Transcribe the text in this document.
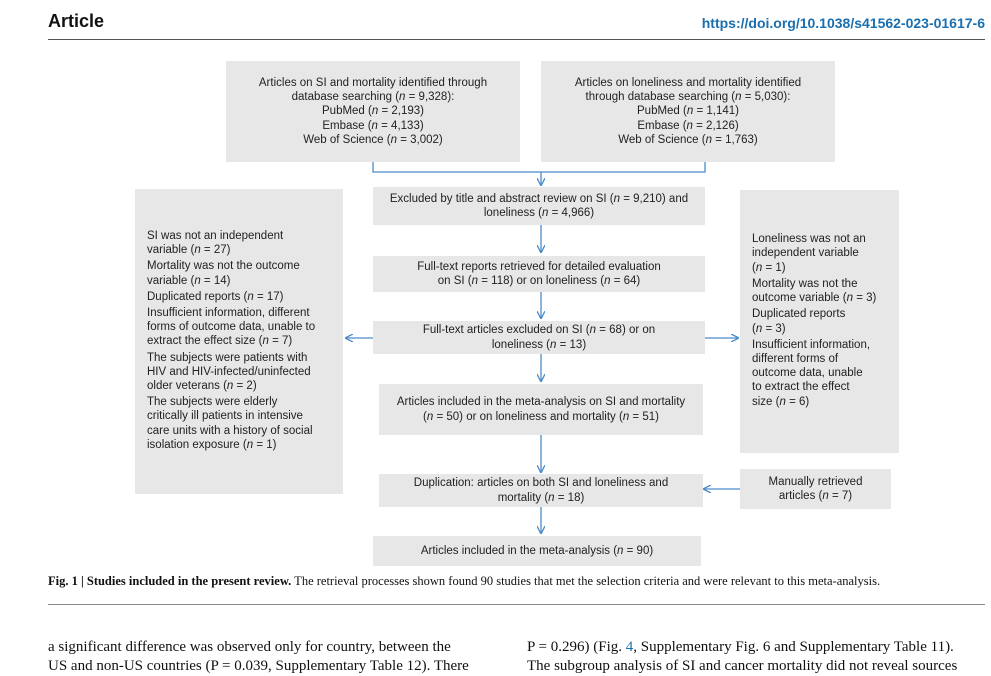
Article	https://doi.org/10.1038/s41562-023-01617-6
Articles on SI and mortality identified through
database searching (n = 9,328):
PubMed (n = 2,193)
Embase (n = 4,133)
Web of Science (n = 3,002)
Articles on loneliness and mortality identified
through database searching (n = 5,030):
PubMed (n = 1,141)
Embase (n = 2,126)
Web of Science (n = 1,763)
Excluded by title and abstract review on SI (n = 9,210) and
loneliness (n = 4,966)
Full-text reports retrieved for detailed evaluation
on SI (n = 118) or on loneliness (n = 64)
Full-text articles excluded on SI (n = 68) or on
loneliness (n = 13)
Articles included in the meta-analysis on SI and mortality
(n = 50) or on loneliness and mortality (n = 51)
Duplication: articles on both SI and loneliness and
mortality (n = 18)
Articles included in the meta-analysis (n = 90)
Manually retrieved
articles (n = 7)
SI was not an independent
variable (n = 27)
Mortality was not the outcome
variable (n = 14)
Duplicated reports (n = 17)
Insufficient information, different
forms of outcome data, unable to
extract the effect size (n = 7)
The subjects were patients with
HIV and HIV-infected/uninfected
older veterans (n = 2)
The subjects were elderly
critically ill patients in intensive
care units with a history of social
isolation exposure (n = 1)
Loneliness was not an
independent variable
(n = 1)
Mortality was not the
outcome variable (n = 3)
Duplicated reports
(n = 3)
Insufficient information,
different forms of
outcome data, unable
to extract the effect
size (n = 6)
Fig. 1 | Studies included in the present review. The retrieval processes shown found 90 studies that met the selection criteria and were relevant to this meta-analysis.
a significant difference was observed only for country, between the
US and non-US countries (P = 0.039, Supplementary Table 12). There
P = 0.296) (Fig. 4, Supplementary Fig. 6 and Supplementary Table 11).
The subgroup analysis of SI and cancer mortality did not reveal sources
